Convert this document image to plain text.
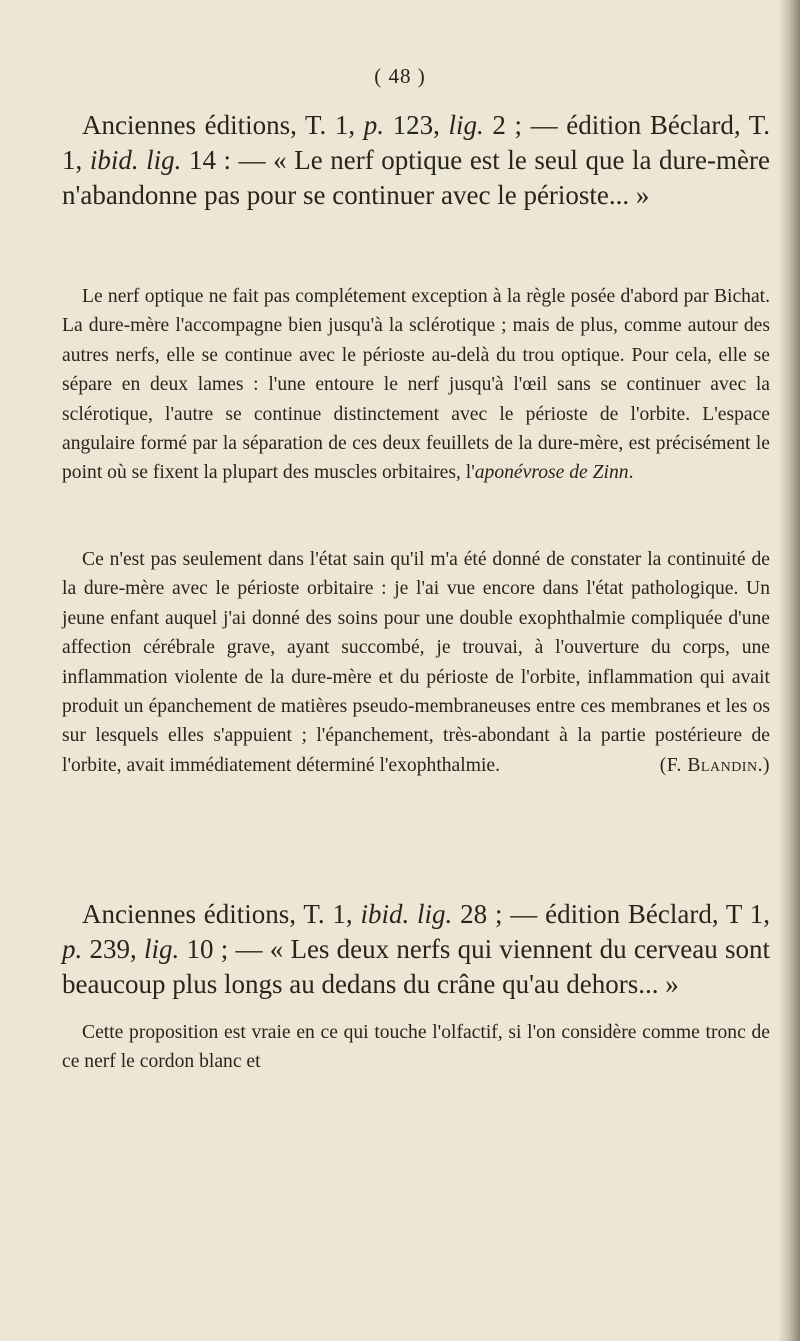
( 48 )

Anciennes éditions, T. 1, p. 123, lig. 2 ; — édition Béclard, T. 1, ibid. lig. 14 : — « Le nerf optique est le seul que la dure-mère n'abandonne pas pour se continuer avec le périoste... »

Le nerf optique ne fait pas complétement exception à la règle posée d'abord par Bichat. La dure-mère l'accompagne bien jusqu'à la sclérotique ; mais de plus, comme autour des autres nerfs, elle se continue avec le périoste au-delà du trou optique. Pour cela, elle se sépare en deux lames : l'une entoure le nerf jusqu'à l'œil sans se continuer avec la sclérotique, l'autre se continue distinctement avec le périoste de l'orbite. L'espace angulaire formé par la séparation de ces deux feuillets de la dure-mère, est précisément le point où se fixent la plupart des muscles orbitaires, l'aponévrose de Zinn.

Ce n'est pas seulement dans l'état sain qu'il m'a été donné de constater la continuité de la dure-mère avec le périoste orbitaire : je l'ai vue encore dans l'état pathologique. Un jeune enfant auquel j'ai donné des soins pour une double exophthalmie compliquée d'une affection cérébrale grave, ayant succombé, je trouvai, à l'ouverture du corps, une inflammation violente de la dure-mère et du périoste de l'orbite, inflammation qui avait produit un épanchement de matières pseudo-membraneuses entre ces membranes et les os sur lesquels elles s'appuient ; l'épanchement, très-abondant à la partie postérieure de l'orbite, avait immédiatement déterminé l'exophthalmie.	(F. Blandin.)

Anciennes éditions, T. 1, ibid. lig. 28 ; — édition Béclard, T 1, p. 239, lig. 10 ; — « Les deux nerfs qui viennent du cerveau sont beaucoup plus longs au dedans du crâne qu'au dehors... »

Cette proposition est vraie en ce qui touche l'olfactif, si l'on considère comme tronc de ce nerf le cordon blanc et
